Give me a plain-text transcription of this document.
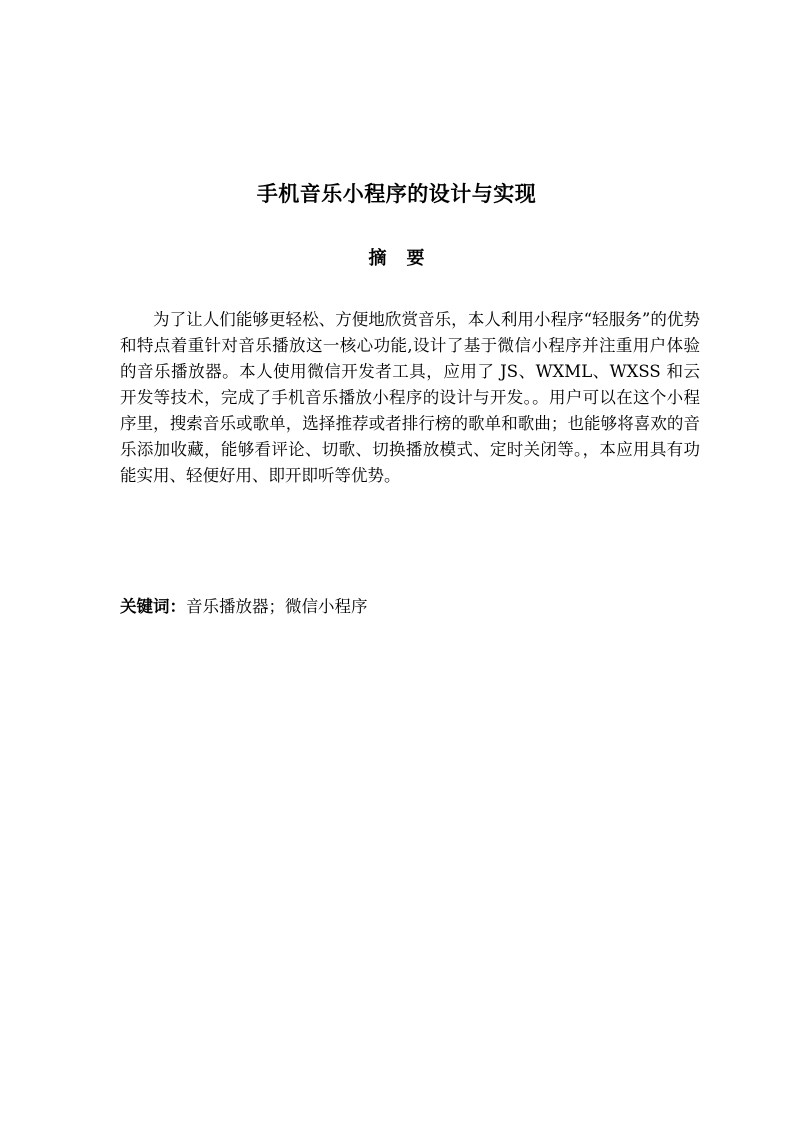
手机音乐小程序的设计与实现
摘要

为了让人们能够更轻松、方便地欣赏音乐，本人利用小程序“轻服务”的优势和特点着重针对音乐播放这一核心功能,设计了基于微信小程序并注重用户体验的音乐播放器。本人使用微信开发者工具，应用了 JS、WXML、WXSS 和云开发等技术，完成了手机音乐播放小程序的设计与开发。。用户可以在这个小程序里，搜索音乐或歌单，选择推荐或者排行榜的歌单和歌曲；也能够将喜欢的音乐添加收藏，能够看评论、切歌、切换播放模式、定时关闭等。，本应用具有功能实用、轻便好用、即开即听等优势。

关键词：音乐播放器；微信小程序
